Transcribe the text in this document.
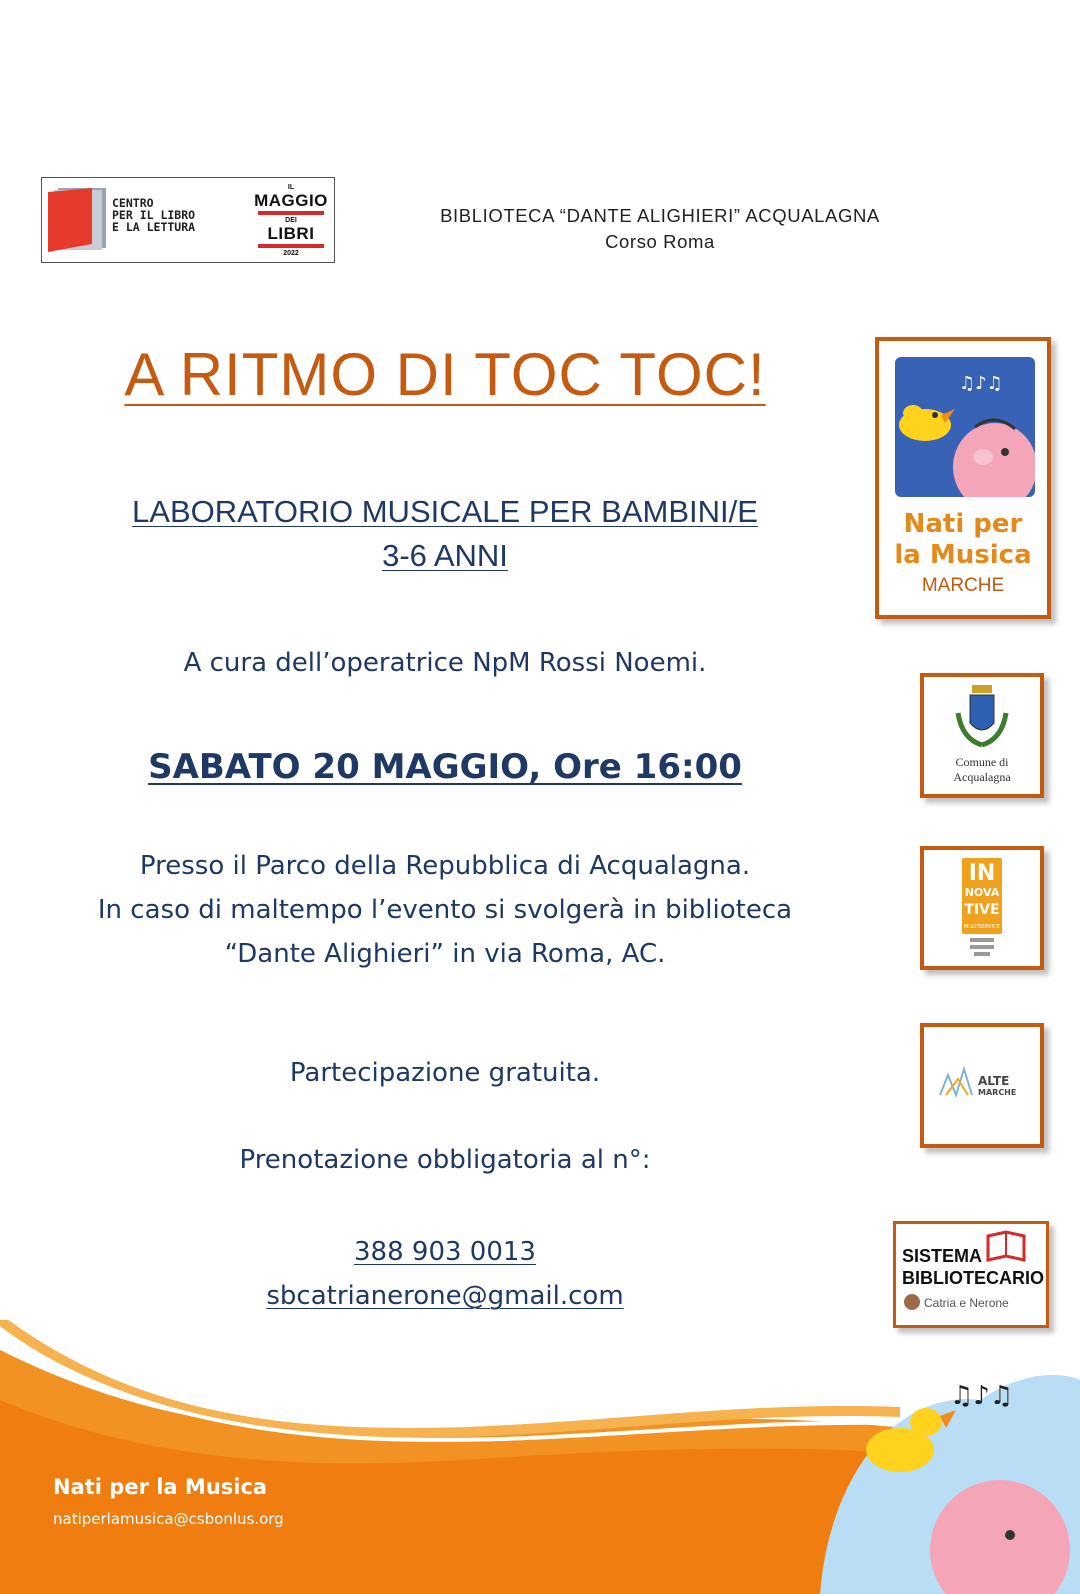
CENTRO
PER IL LIBRO
E LA LETTURA
IL
MAGGIO
DEI
LIBRI
2022
BIBLIOTECA “DANTE ALIGHIERI” ACQUALAGNA
Corso Roma
A RITMO DI TOC TOC!
LABORATORIO MUSICALE PER BAMBINI/E
3-6 ANNI
A cura dell’operatrice NpM Rossi Noemi.
SABATO 20 MAGGIO, Ore 16:00
Presso il Parco della Repubblica di Acqualagna.
In caso di maltempo l’evento si svolgerà in biblioteca
“Dante Alighieri” in via Roma, AC.
Partecipazione gratuita.
Prenotazione obbligatoria al n°:
388 903 0013
sbcatrianerone@gmail.com
♫♪♫
Nati per
la Musica
MARCHE
Comune di
Acqualagna
IN
NOVA
TIVE
MULTISERVICE
ALTE
MARCHE
SISTEMA
BIBLIOTECARIO
Catria e Nerone
♫♪♫
Nati per la Musica
natiperlamusica@csbonlus.org
